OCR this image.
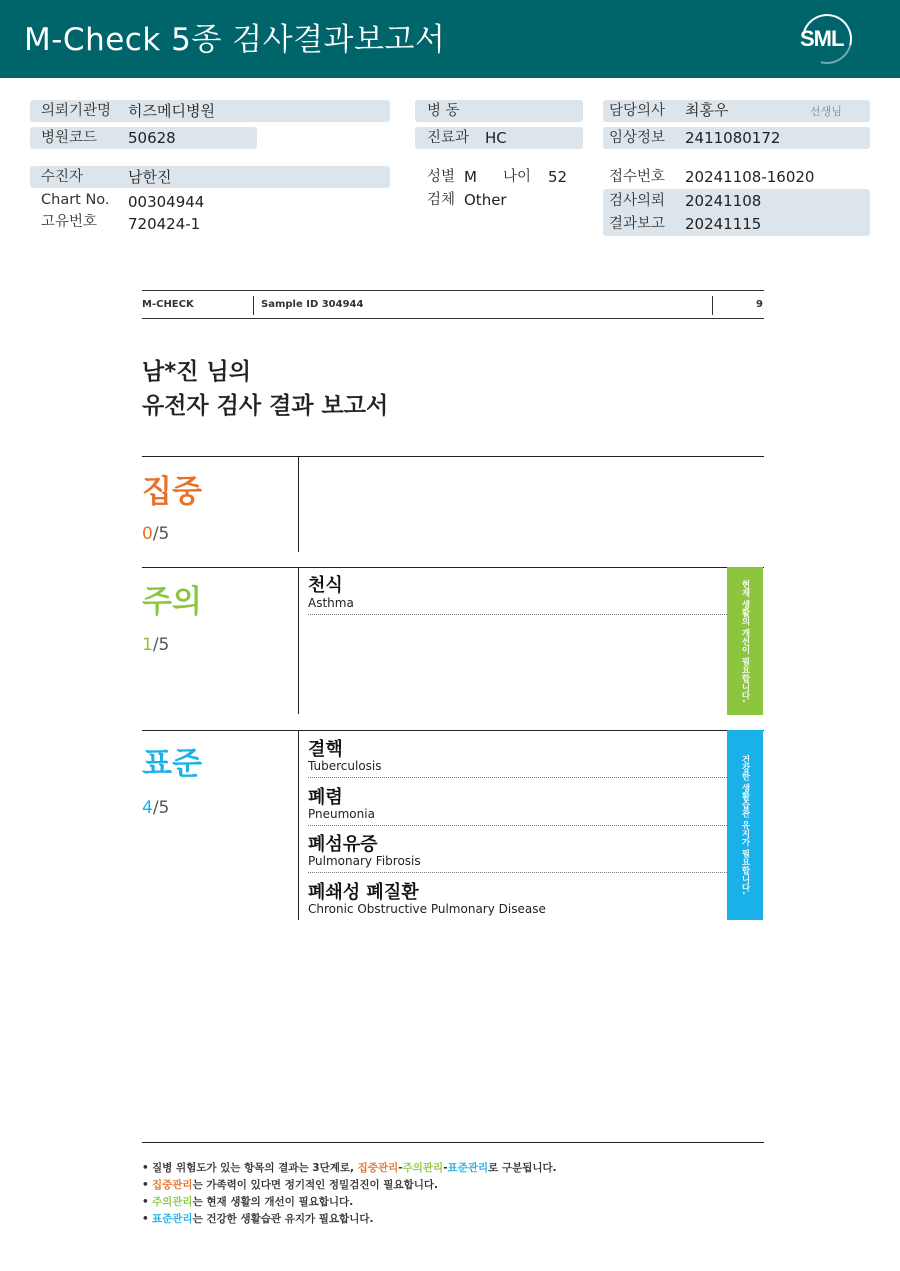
M-Check 5종 검사결과보고서	SML
의뢰기관명 히즈메디병원
병원코드 50628
수진자	남한진
Chart No. 00304944
고유번호 720424-1
병 동
진료과 HC
성별 M 나이 52
검체 Other
담당의사 최홍우	선생님
임상정보 2411080172
접수번호 20241108-16020
검사의뢰 20241108
결과보고 20241115
M-CHECK	Sample ID 304944	9
남*진 님의
유전자 검사 결과 보고서
집중
0/5
주의
1/5
천식
Asthma	현재 생활의 개선이 필요합니다.
표준
4/5
결핵
Tuberculosis
폐렴
Pneumonia
폐섬유증
Pulmonary Fibrosis
폐쇄성 폐질환
Chronic Obstructive Pulmonary Disease
건강한 생활습관 유지가 필요합니다.
• 질병 위험도가 있는 항목의 결과는 3단계로, 집중관리-주의관리-표준관리로 구분됩니다.
• 집중관리는 가족력이 있다면 정기적인 정밀검진이 필요합니다.
• 주의관리는 현재 생활의 개선이 필요합니다.
• 표준관리는 건강한 생활습관 유지가 필요합니다.
